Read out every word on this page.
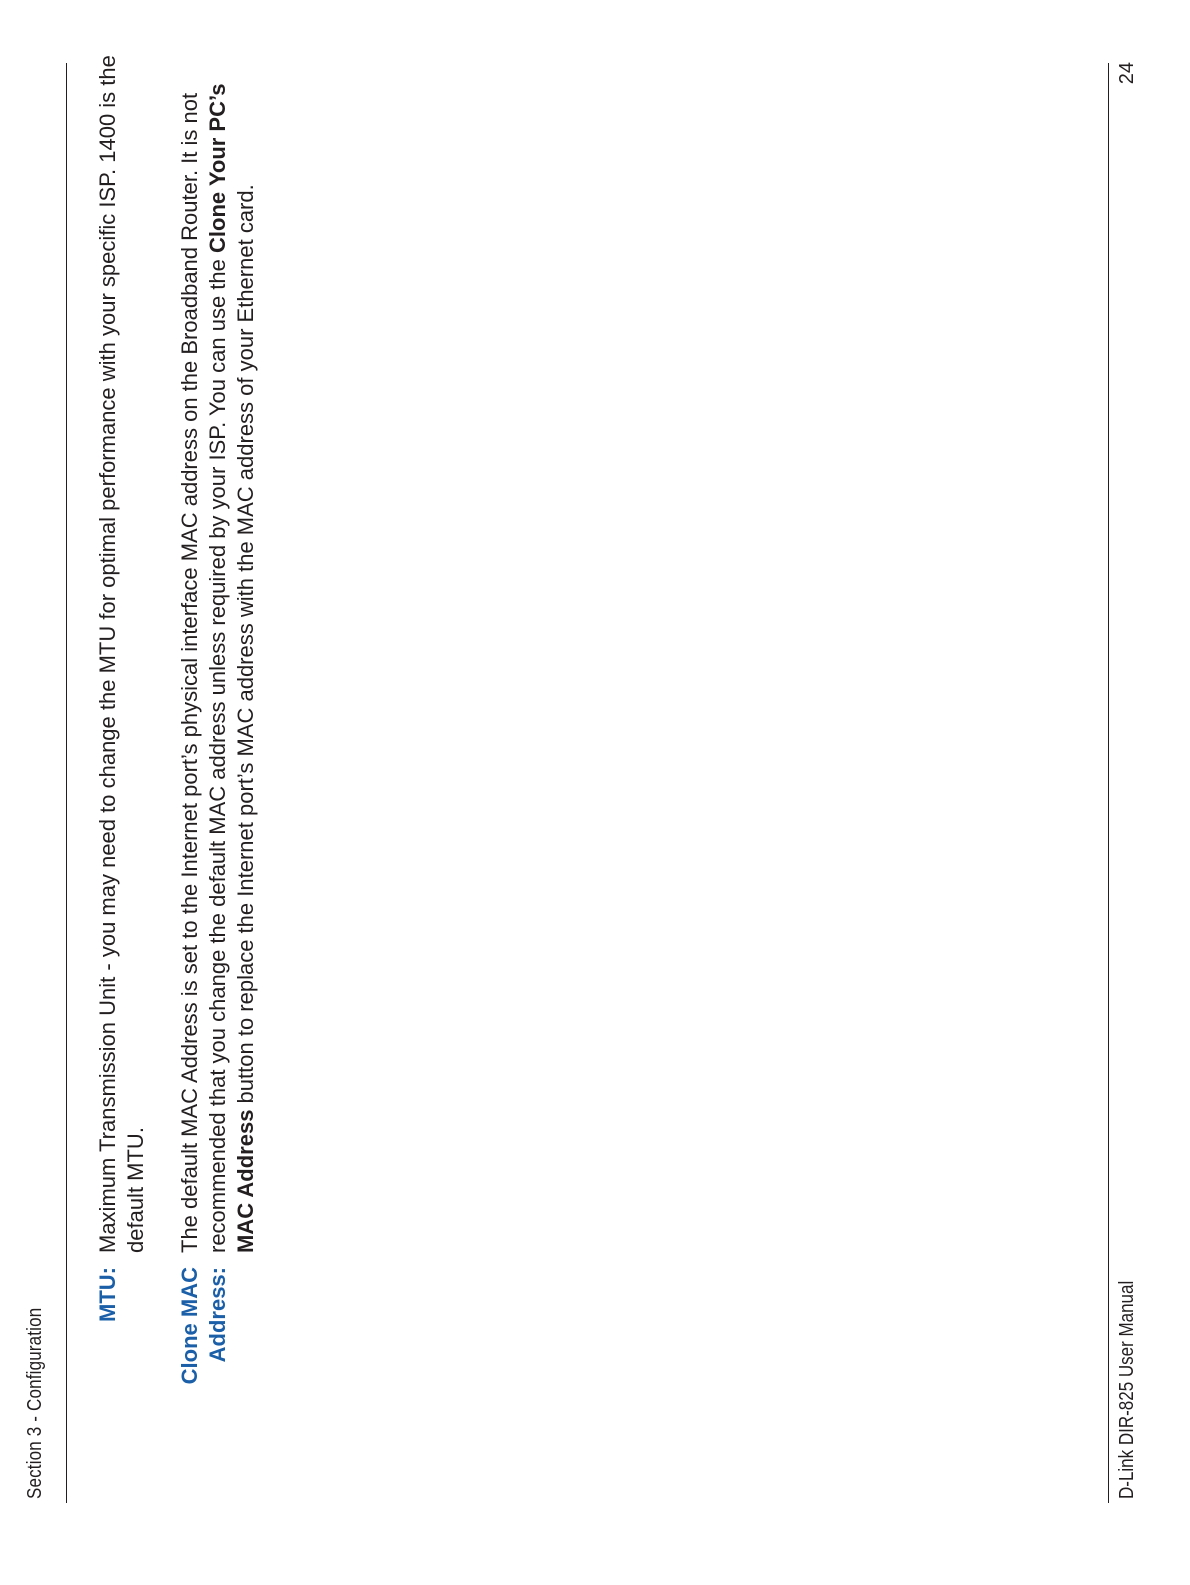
Section 3 - Configuration
MTU:
Maximum Transmission Unit - you may need to change the MTU for optimal performance with your specific ISP. 1400 is the default MTU.
Clone MAC Address:
The default MAC Address is set to the Internet port’s physical interface MAC address on the Broadband Router. It is not recommended that you change the default MAC address unless required by your ISP. You can use the Clone Your PC’s MAC Address button to replace the Internet port’s MAC address with the MAC address of your Ethernet card.
D-Link DIR-825 User Manual
24
